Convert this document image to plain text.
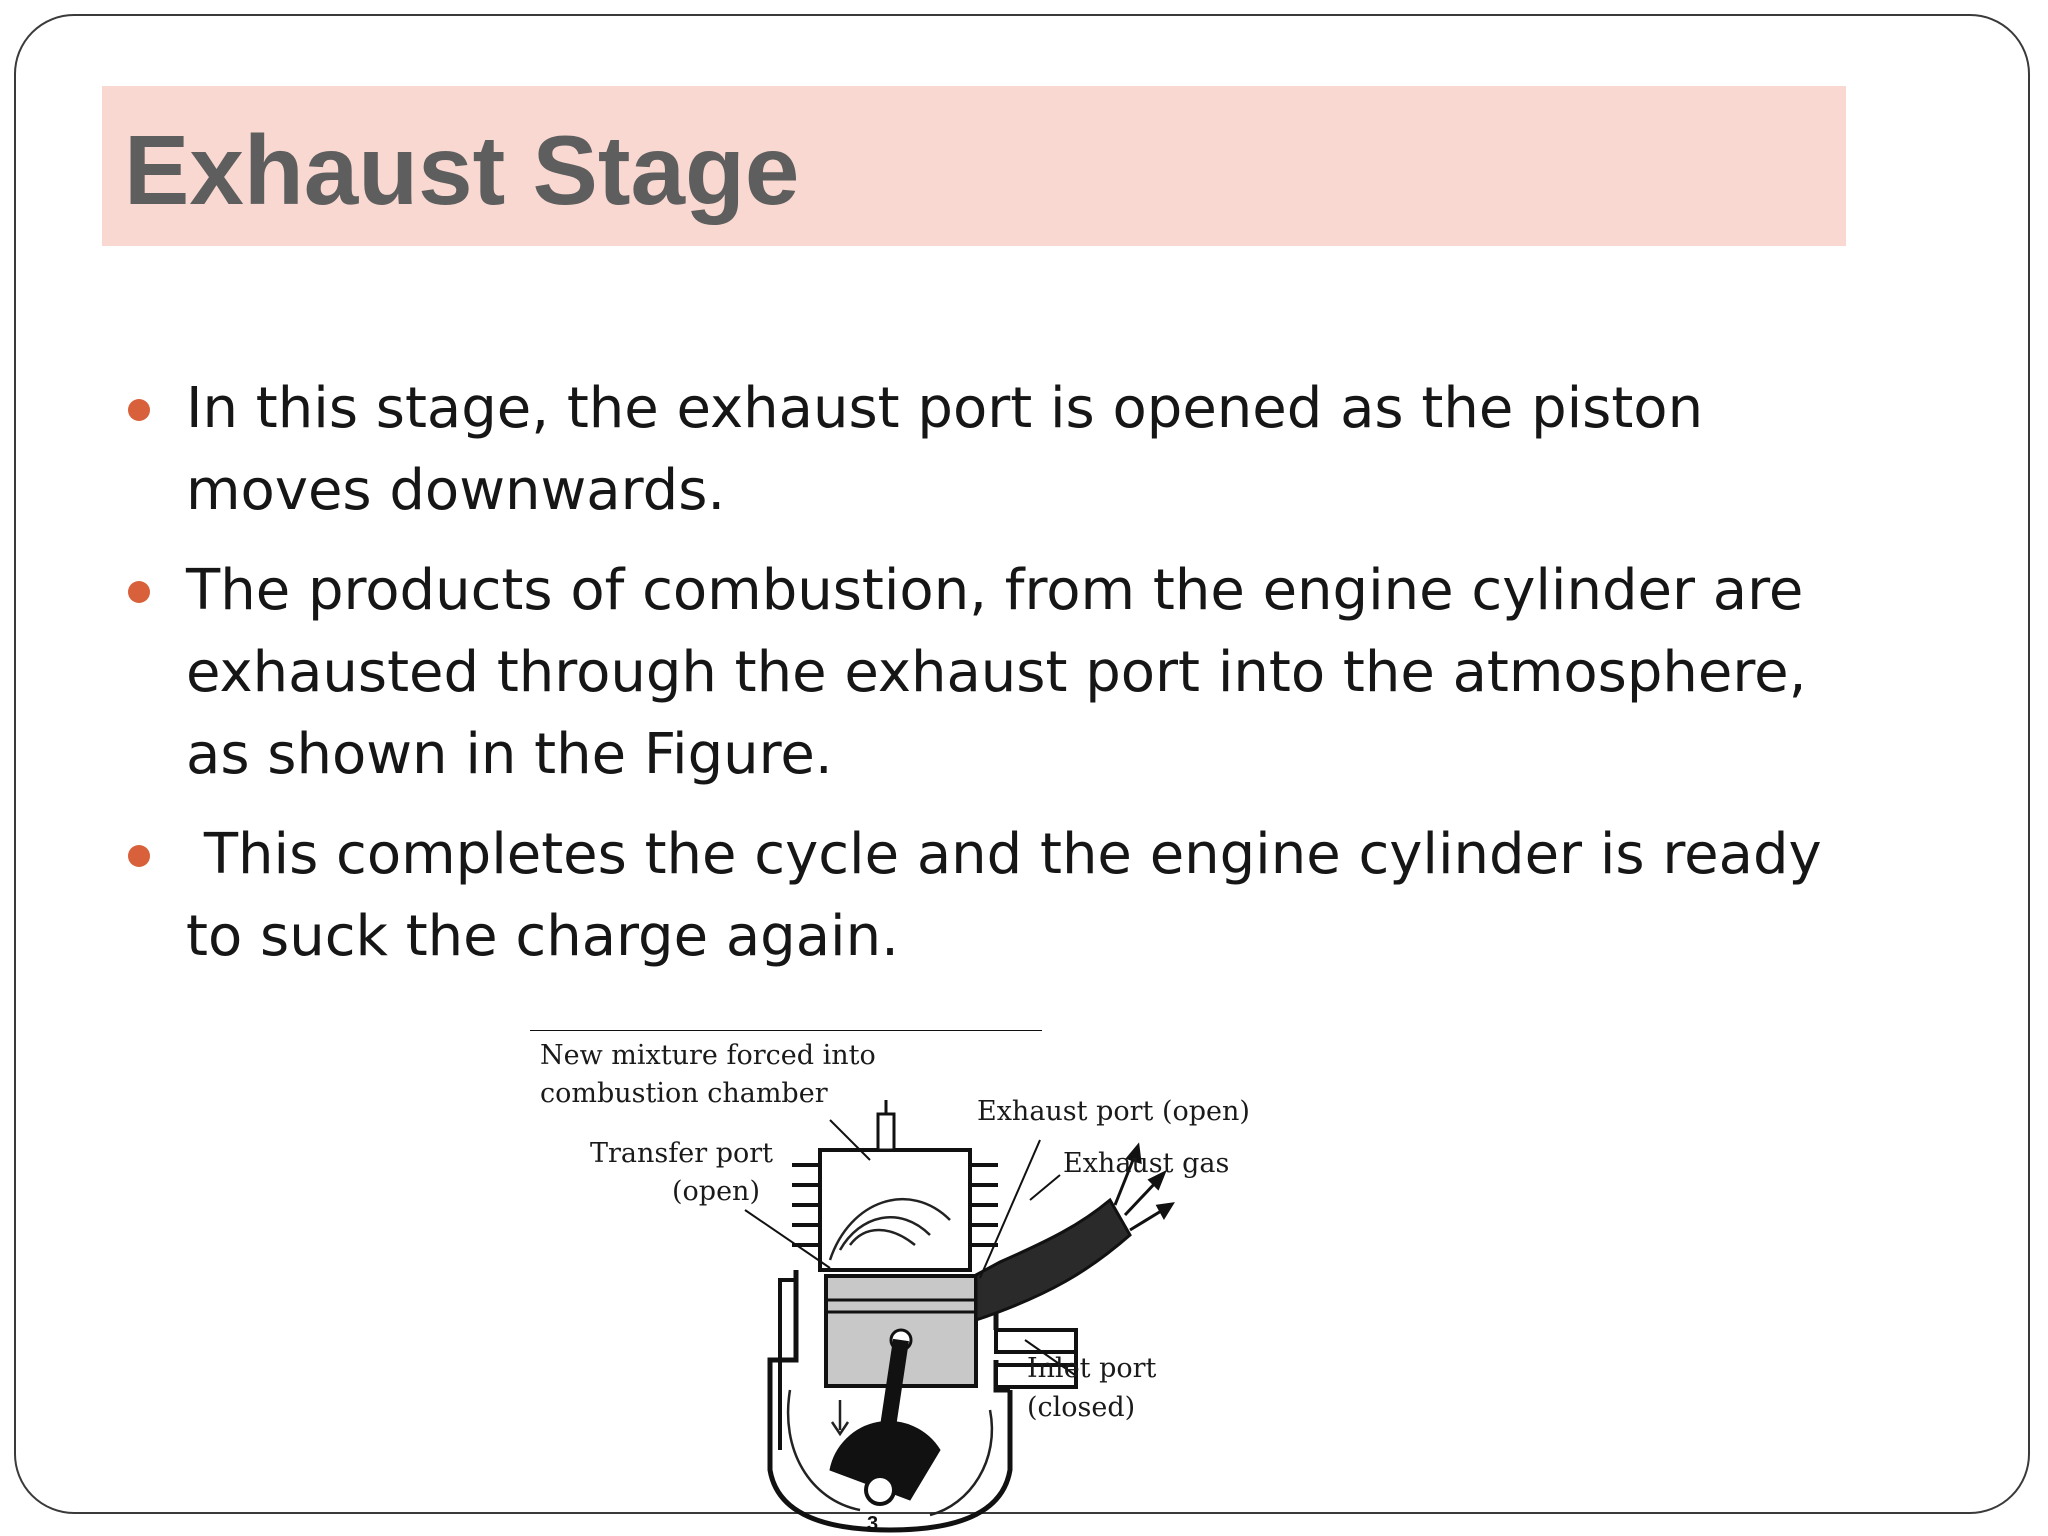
Exhaust Stage
In this stage, the exhaust port is opened as the piston moves downwards.
The products of combustion, from the engine cylinder are exhausted through the exhaust port into the atmosphere, as shown in the Figure.
This completes the cycle and the engine cylinder is ready to suck the charge again.
New mixture forced into
combustion chamber
Transfer port
(open)
Exhaust port (open)
Exhaust gas
Inlet port
(closed)
3
